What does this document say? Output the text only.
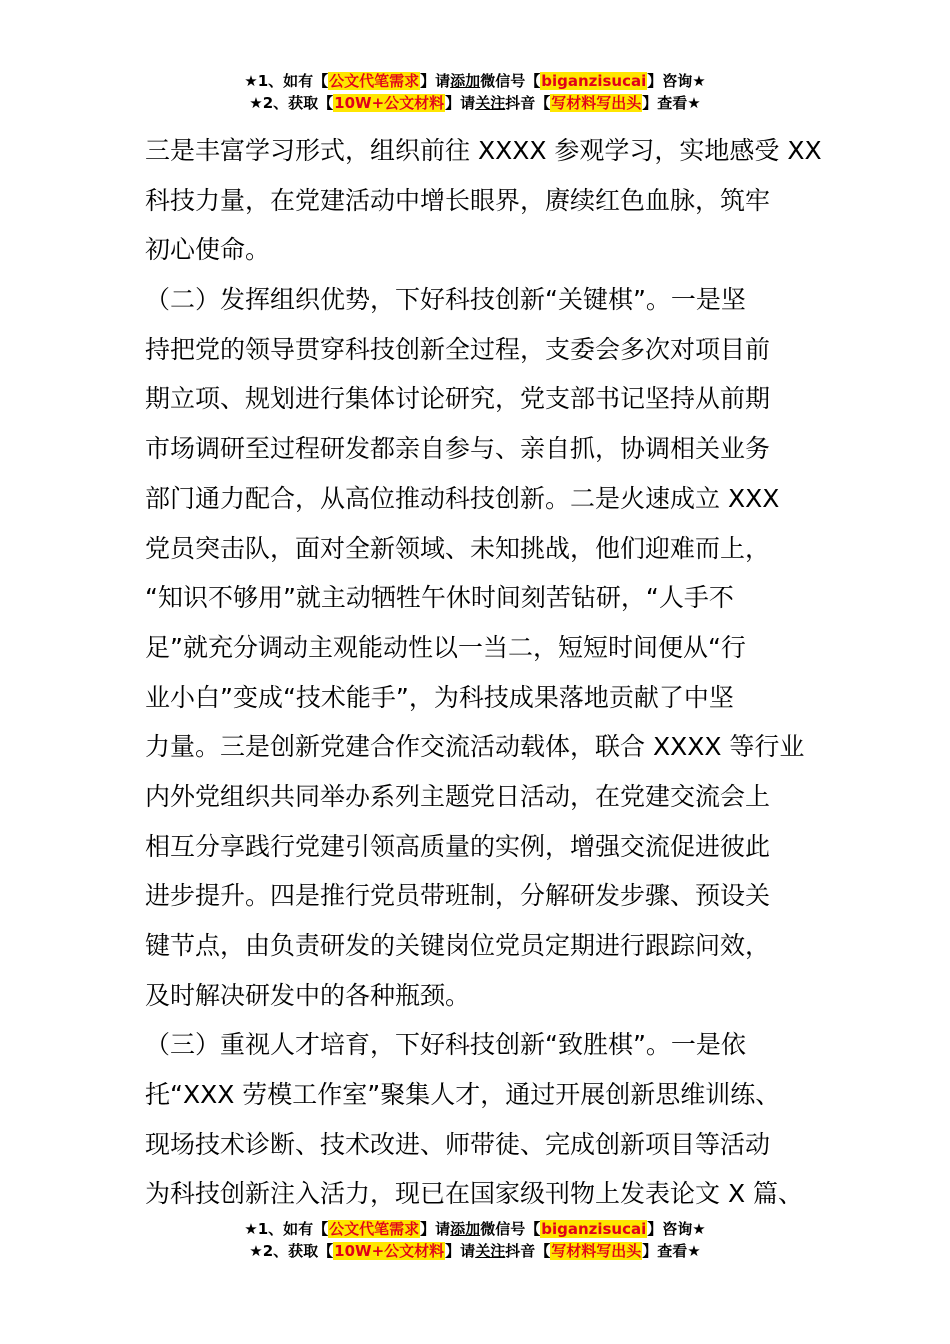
★1、如有【公文代笔需求】请添加微信号【biganzisucai】咨询★
★2、获取【10W+公文材料】请关注抖音【写材料写出头】查看★
三是丰富学习形式，组织前往 XXXX 参观学习，实地感受 XX
科技力量，在党建活动中增长眼界，赓续红色血脉，筑牢
初心使命。
（二）发挥组织优势，下好科技创新“关键棋”。一是坚
持把党的领导贯穿科技创新全过程，支委会多次对项目前
期立项、规划进行集体讨论研究，党支部书记坚持从前期
市场调研至过程研发都亲自参与、亲自抓，协调相关业务
部门通力配合，从高位推动科技创新。二是火速成立 XXX
党员突击队，面对全新领域、未知挑战，他们迎难而上，
“知识不够用”就主动牺牲午休时间刻苦钻研，“人手不
足”就充分调动主观能动性以一当二，短短时间便从“行
业小白”变成“技术能手”，为科技成果落地贡献了中坚
力量。三是创新党建合作交流活动载体，联合 XXXX 等行业
内外党组织共同举办系列主题党日活动，在党建交流会上
相互分享践行党建引领高质量的实例，增强交流促进彼此
进步提升。四是推行党员带班制，分解研发步骤、预设关
键节点，由负责研发的关键岗位党员定期进行跟踪问效，
及时解决研发中的各种瓶颈。
（三）重视人才培育，下好科技创新“致胜棋”。一是依
托“XXX 劳模工作室”聚集人才，通过开展创新思维训练、
现场技术诊断、技术改进、师带徒、完成创新项目等活动
为科技创新注入活力，现已在国家级刊物上发表论文 X 篇、
★1、如有【公文代笔需求】请添加微信号【biganzisucai】咨询★
★2、获取【10W+公文材料】请关注抖音【写材料写出头】查看★
